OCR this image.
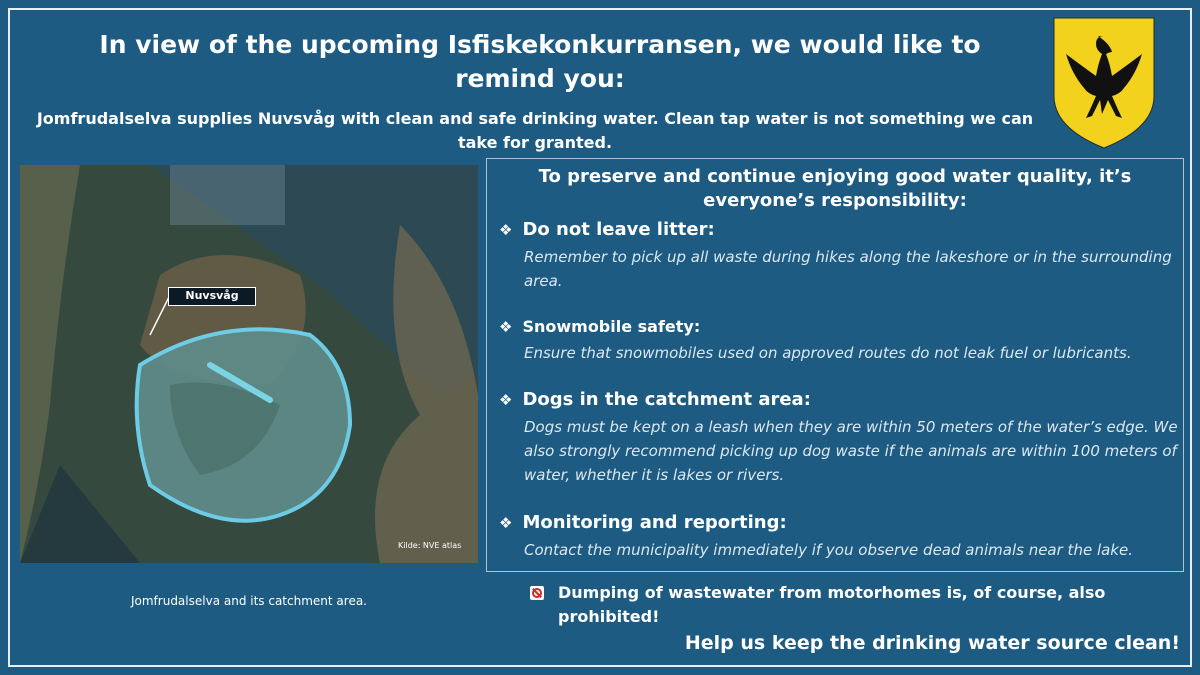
In view of the upcoming Isfiskekonkurransen, we would like to remind you:

Jomfrudalselva supplies Nuvsvåg with clean and safe drinking water. Clean tap water is not something we can take for granted.

Nuvsvåg
Kilde: NVE atlas

Jomfrudalselva and its catchment area.

To preserve and continue enjoying good water quality, it’s everyone’s responsibility:
❖ Do not leave litter:

Remember to pick up all waste during hikes along the lakeshore or in the surrounding area.

❖ Snowmobile safety:

Ensure that snowmobiles used on approved routes do not leak fuel or lubricants.

❖ Dogs in the catchment area:

Dogs must be kept on a leash when they are within 50 meters of the water’s edge. We also strongly recommend picking up dog waste if the animals are within 100 meters of water, whether it is lakes or rivers.

❖ Monitoring and reporting:

Contact the municipality immediately if you observe dead animals near the lake.

Dumping of wastewater from motorhomes is, of course, also prohibited!
Help us keep the drinking water source clean!
